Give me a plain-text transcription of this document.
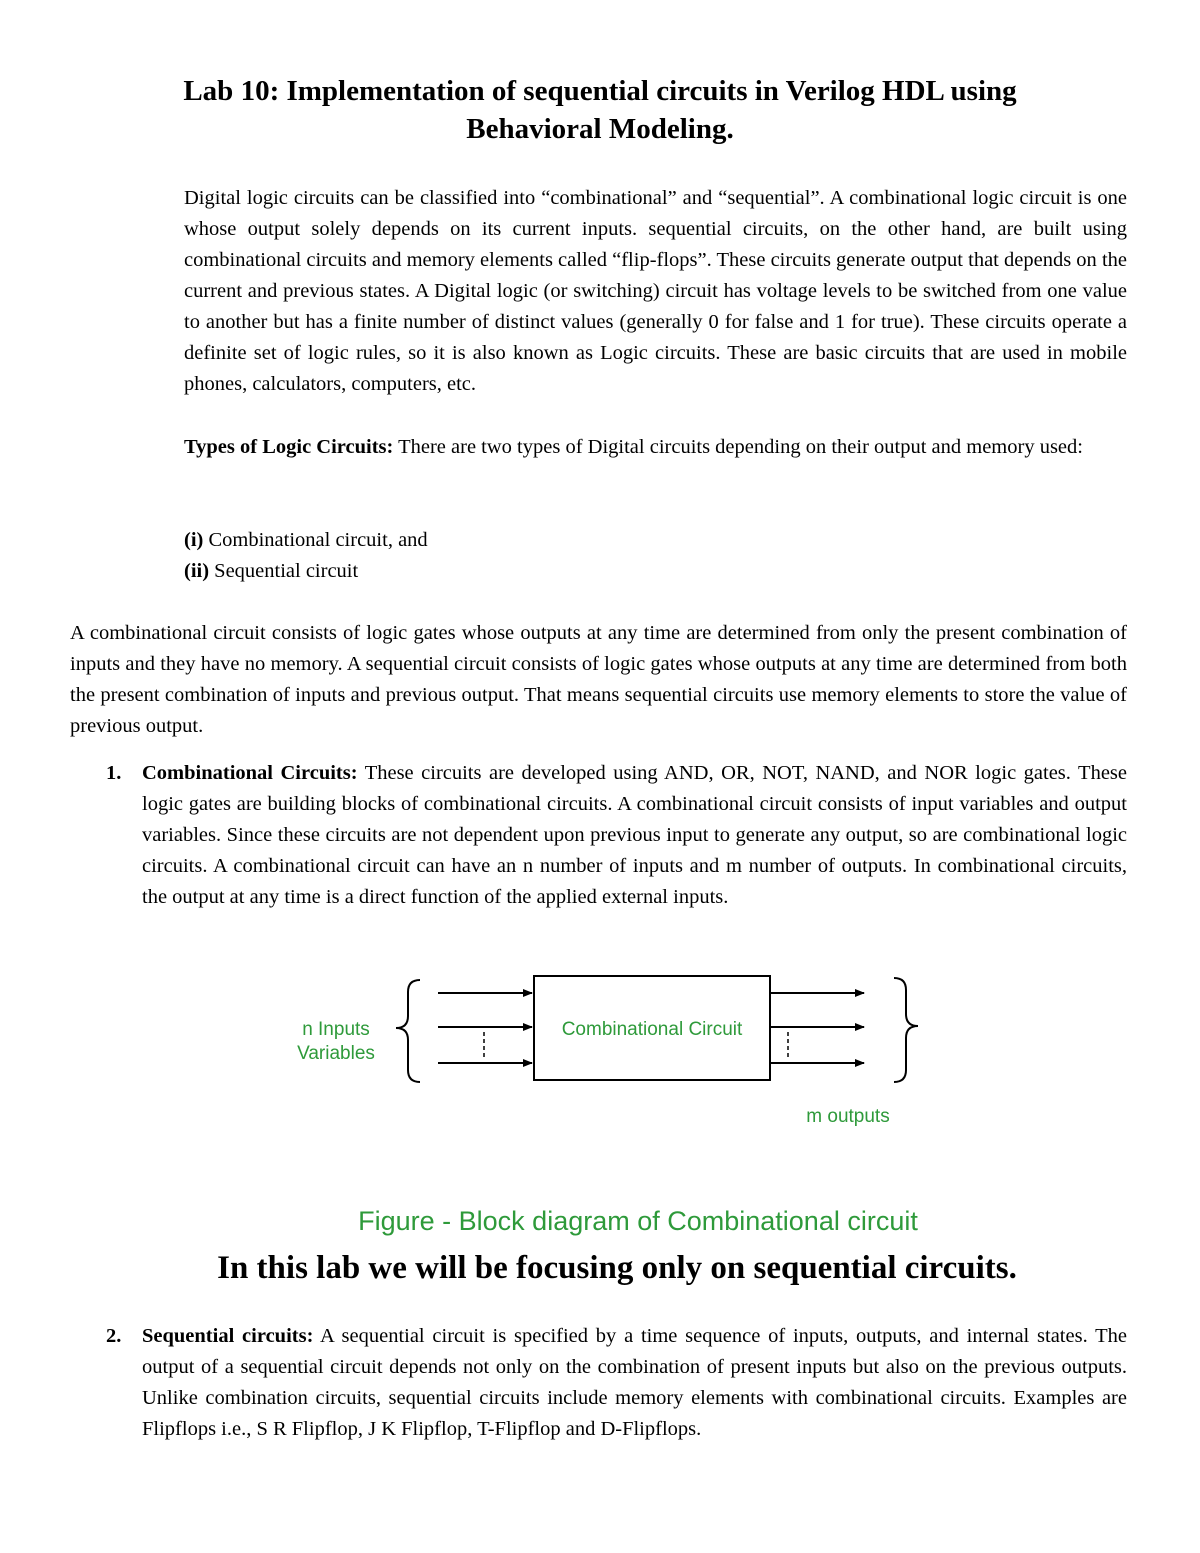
Lab 10: Implementation of sequential circuits in Verilog HDL using
Behavioral Modeling.

Digital logic circuits can be classified into “combinational” and “sequential”. A combinational logic circuit is one whose output solely depends on its current inputs. sequential circuits, on the other hand, are built using combinational circuits and memory elements called “flip-flops”. These circuits generate output that depends on the current and previous states. A Digital logic (or switching) circuit has voltage levels to be switched from one value to another but has a finite number of distinct values (generally 0 for false and 1 for true). These circuits operate a definite set of logic rules, so it is also known as Logic circuits. These are basic circuits that are used in mobile phones, calculators, computers, etc.

Types of Logic Circuits: There are two types of Digital circuits depending on their output and memory used:

(i) Combinational circuit, and
(ii) Sequential circuit

A combinational circuit consists of logic gates whose outputs at any time are determined from only the present combination of inputs and they have no memory. A sequential circuit consists of logic gates whose outputs at any time are determined from both the present combination of inputs and previous output. That means sequential circuits use memory elements to store the value of previous output.

1.	Combinational Circuits: These circuits are developed using AND, OR, NOT, NAND, and NOR logic gates. These logic gates are building blocks of combinational circuits. A combinational circuit consists of input variables and output variables. Since these circuits are not dependent upon previous input to generate any output, so are combinational logic circuits. A combinational circuit can have an n number of inputs and m number of outputs. In combinational circuits, the output at any time is a direct function of the applied external inputs.
Combinational Circuit
n Inputs
Variables
m outputs
Figure - Block diagram of Combinational circuit
In this lab we will be focusing only on sequential circuits.
2.	Sequential circuits: A sequential circuit is specified by a time sequence of inputs, outputs, and internal states. The output of a sequential circuit depends not only on the combination of present inputs but also on the previous outputs. Unlike combination circuits, sequential circuits include memory elements with combinational circuits. Examples are Flipflops i.e., S R Flipflop, J K Flipflop, T-Flipflop and D-Flipflops.
